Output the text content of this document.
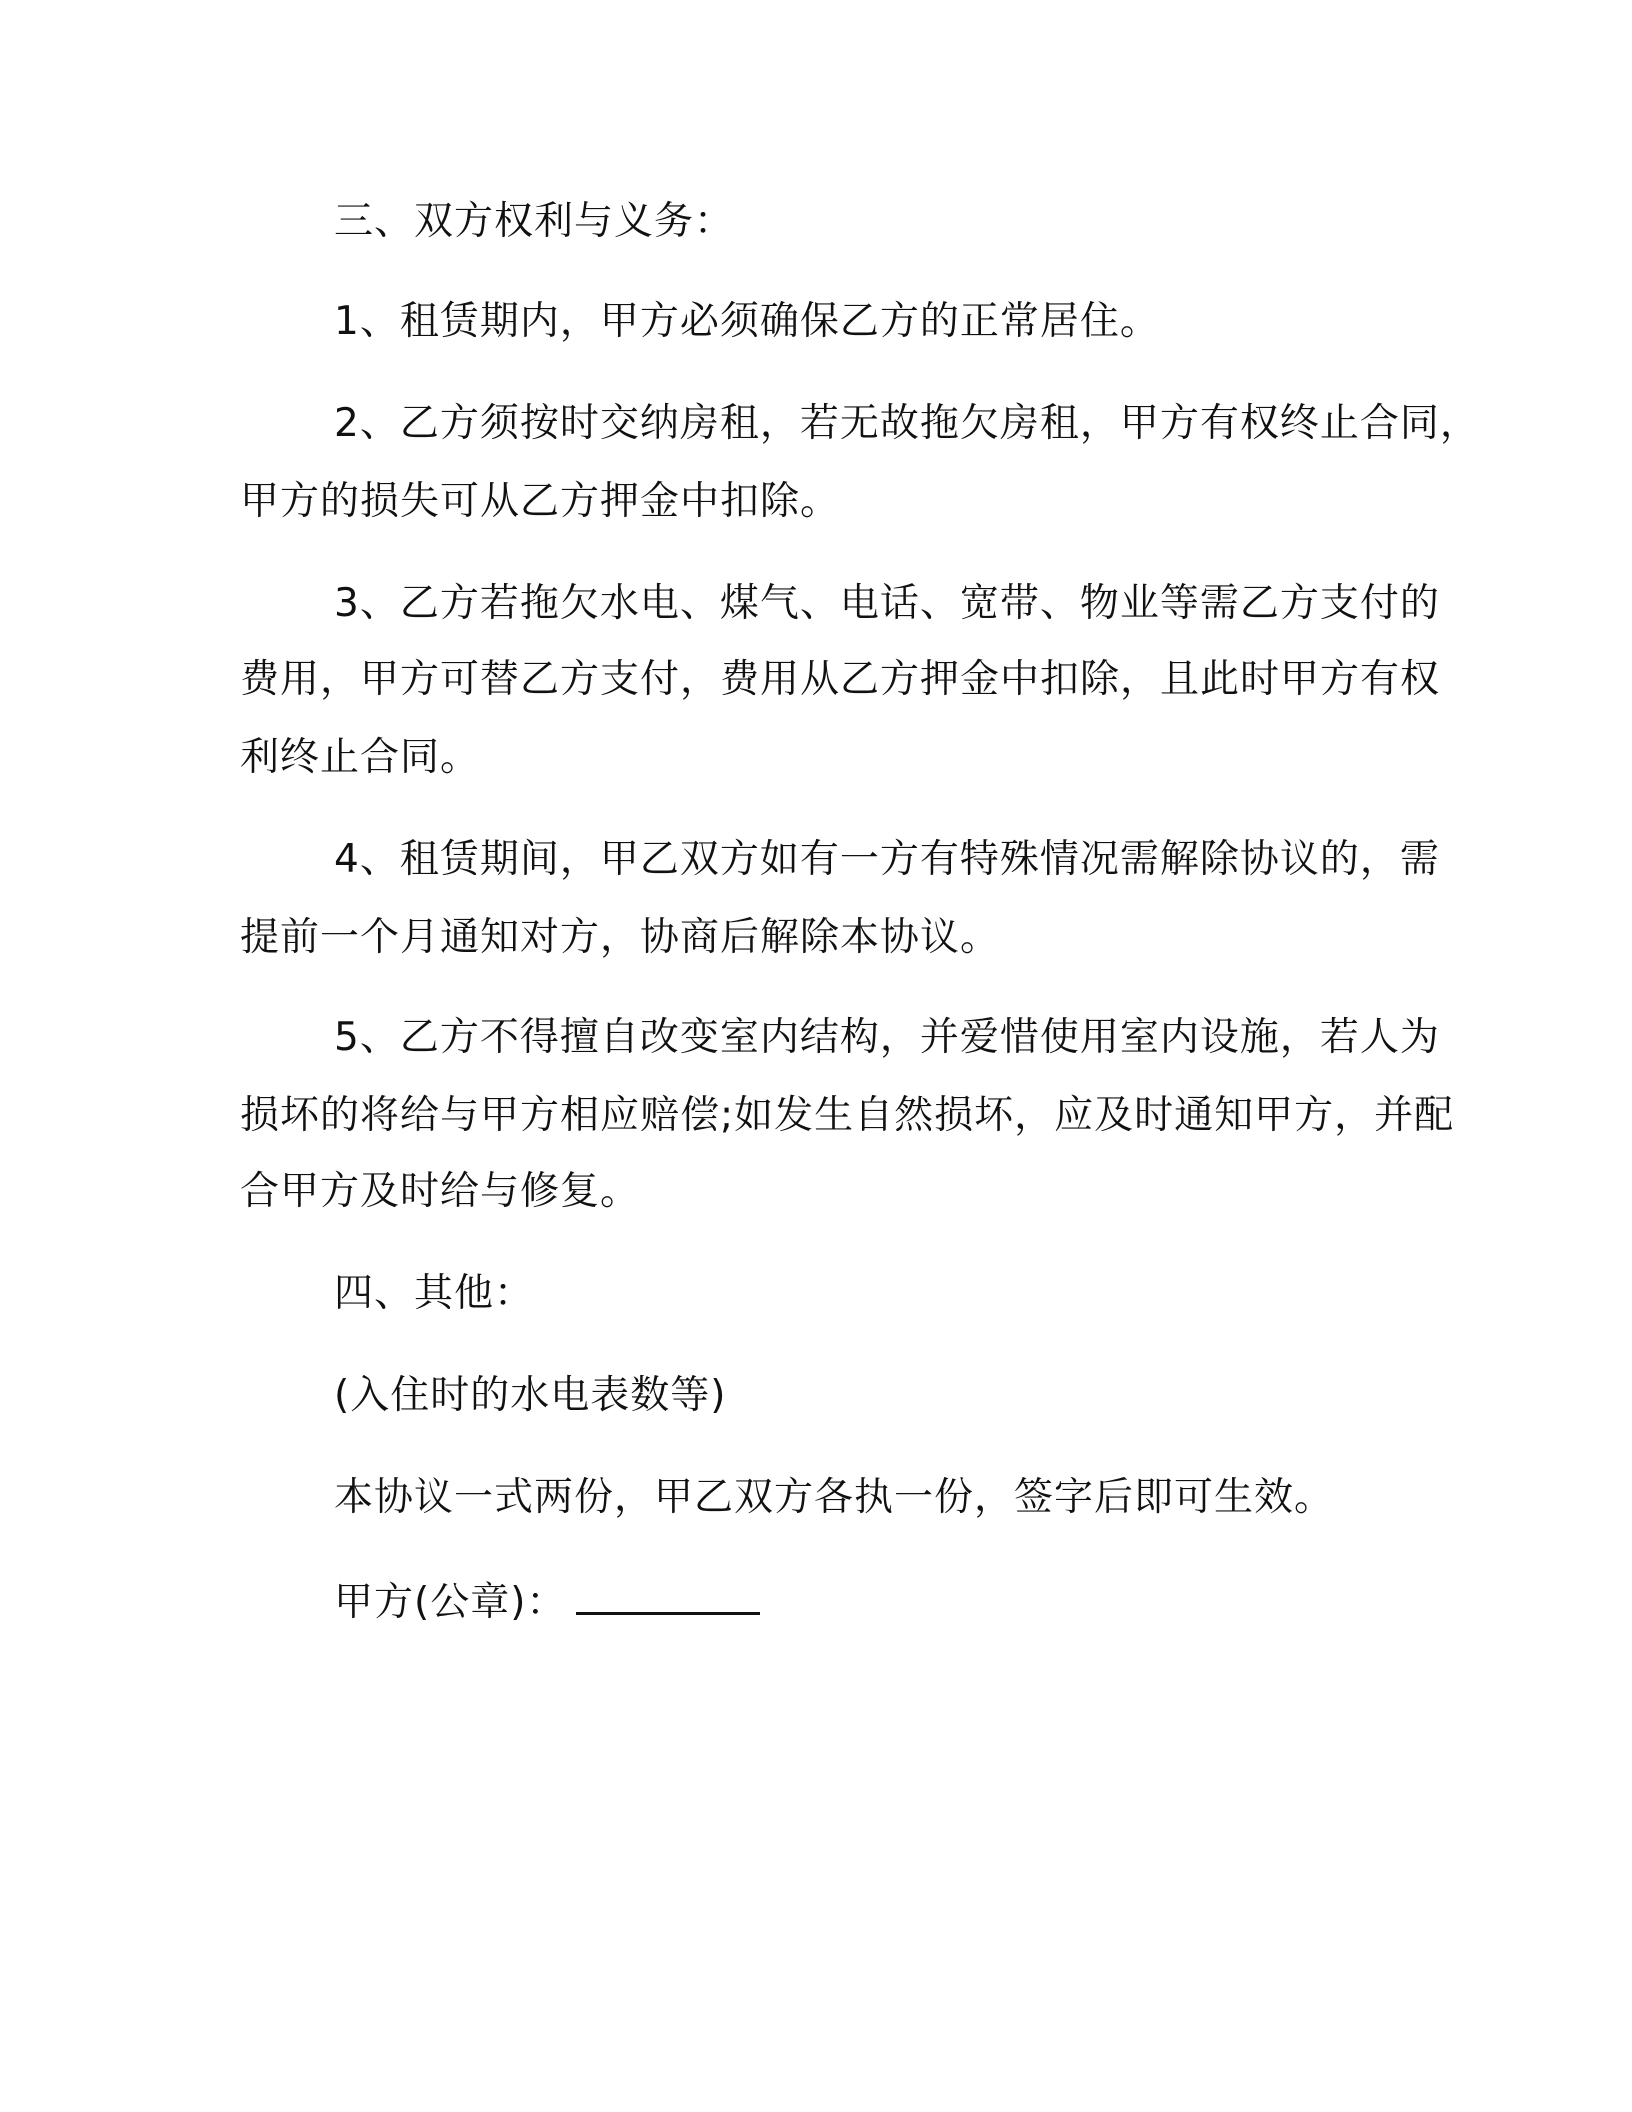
三、双方权利与义务：
1、租赁期内，甲方必须确保乙方的正常居住。
2、乙方须按时交纳房租，若无故拖欠房租，甲方有权终止合同，
甲方的损失可从乙方押金中扣除。
3、乙方若拖欠水电、煤气、电话、宽带、物业等需乙方支付的
费用，甲方可替乙方支付，费用从乙方押金中扣除，且此时甲方有权
利终止合同。
4、租赁期间，甲乙双方如有一方有特殊情况需解除协议的，需
提前一个月通知对方，协商后解除本协议。
5、乙方不得擅自改变室内结构，并爱惜使用室内设施，若人为
损坏的将给与甲方相应赔偿;如发生自然损坏，应及时通知甲方，并配
合甲方及时给与修复。
四、其他：
(入住时的水电表数等)
本协议一式两份，甲乙双方各执一份，签字后即可生效。
甲方(公章)：
